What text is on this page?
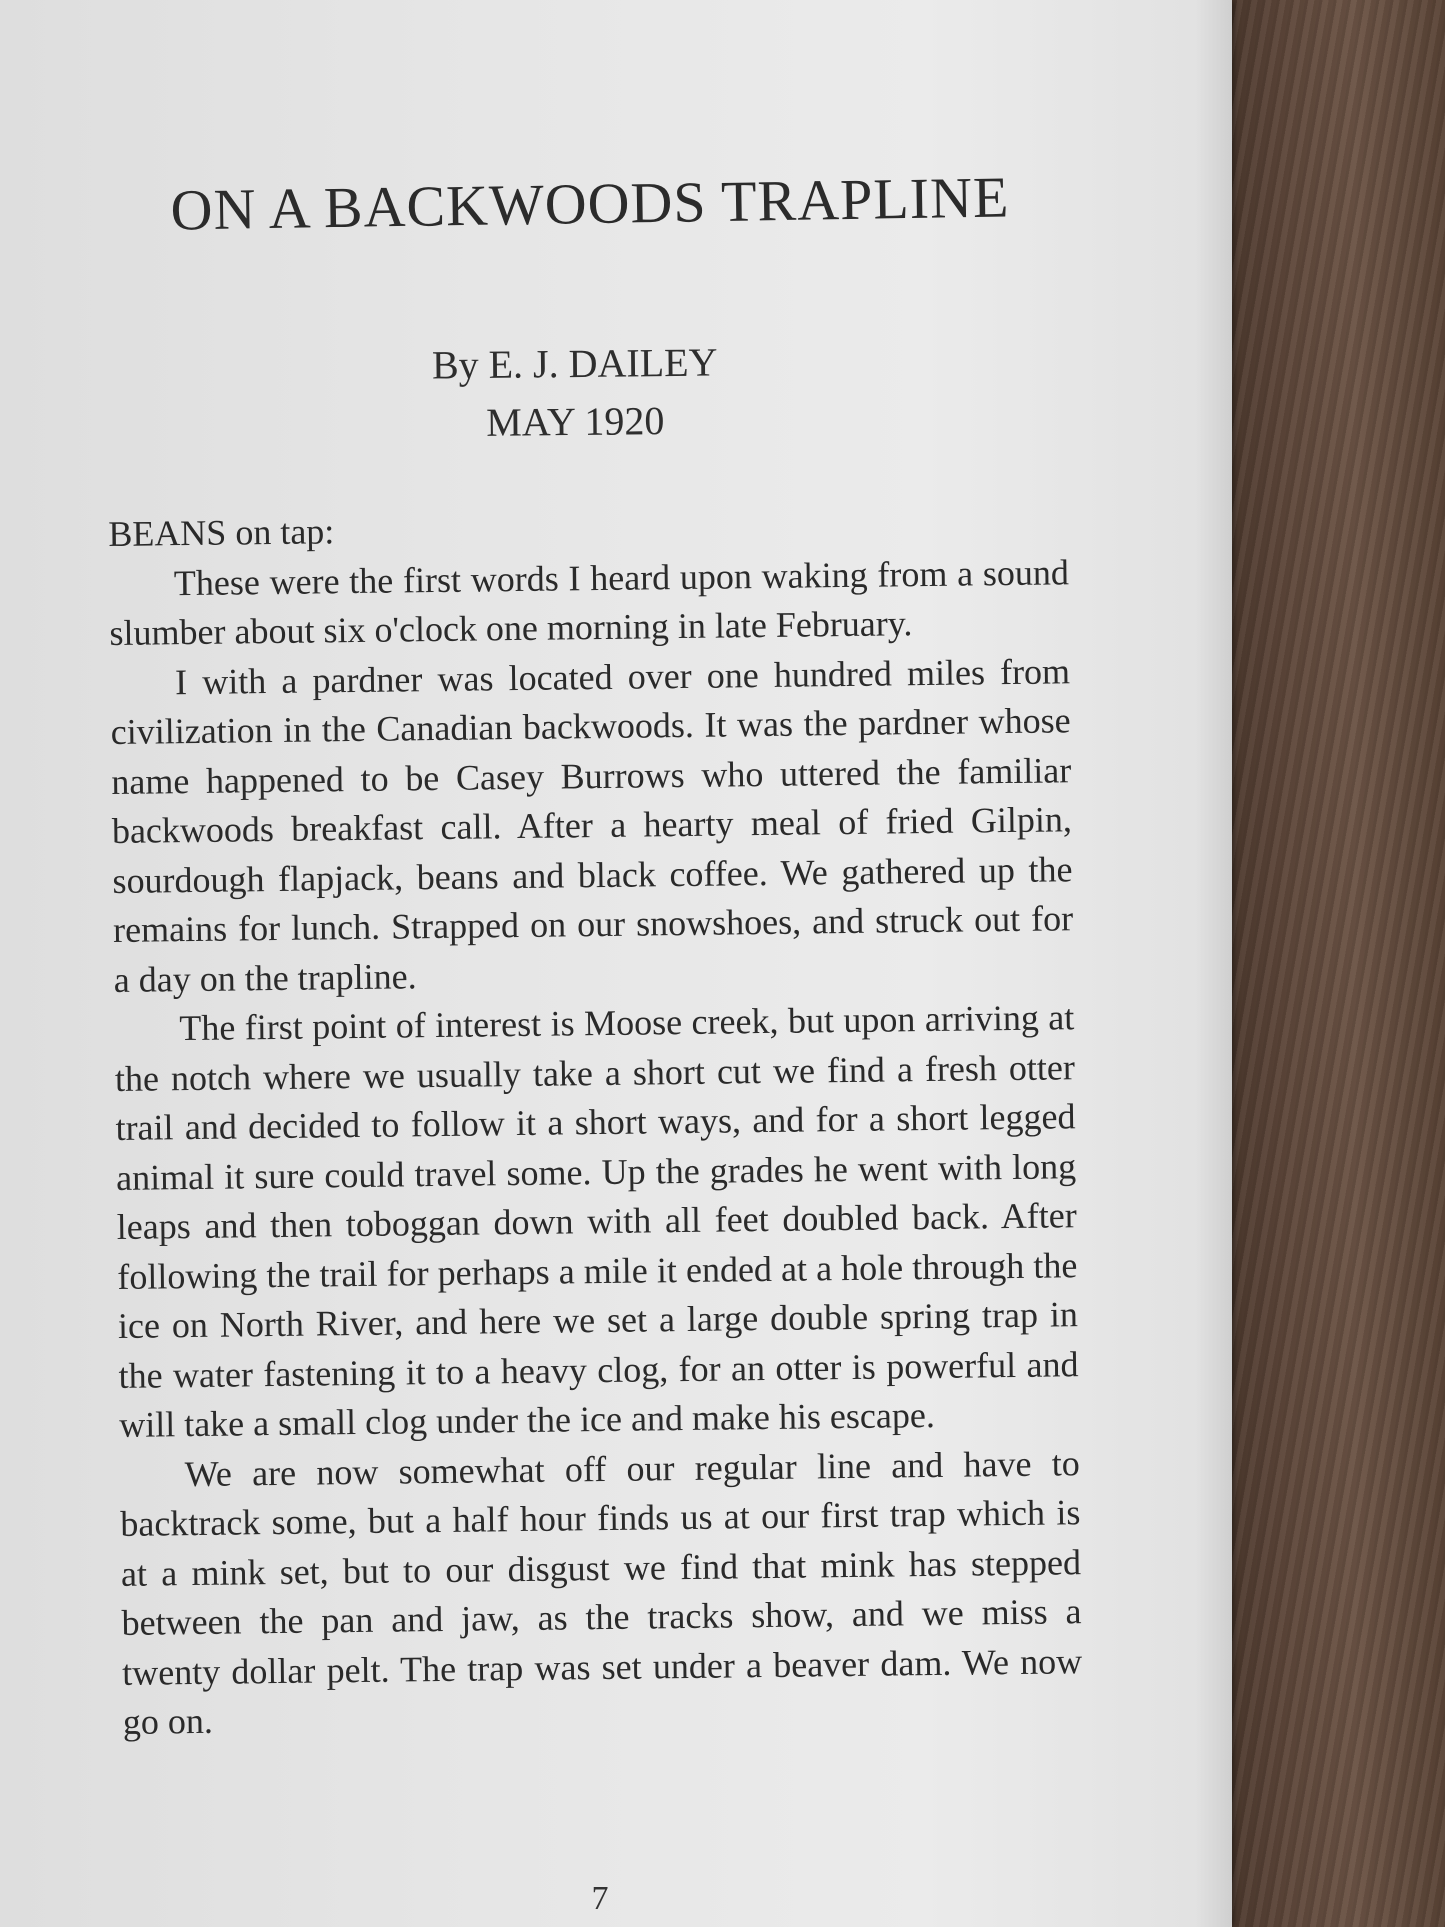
ON A BACKWOODS TRAPLINE
By E. J. DAILEY
MAY 1920

BEANS on tap:

These were the first words I heard upon waking from a sound slumber about six o'clock one morning in late February.

I with a pardner was located over one hundred miles from civilization in the Canadian backwoods. It was the pardner whose name happened to be Casey Burrows who uttered the familiar backwoods breakfast call. After a hearty meal of fried Gilpin, sourdough flapjack, beans and black coffee. We gathered up the remains for lunch. Strapped on our snowshoes, and struck out for a day on the trapline.

The first point of interest is Moose creek, but upon arriving at the notch where we usually take a short cut we find a fresh otter trail and decided to follow it a short ways, and for a short legged animal it sure could travel some. Up the grades he went with long leaps and then toboggan down with all feet doubled back. After following the trail for perhaps a mile it ended at a hole through the ice on North River, and here we set a large double spring trap in the water fastening it to a heavy clog, for an otter is powerful and will take a small clog under the ice and make his escape.

We are now somewhat off our regular line and have to backtrack some, but a half hour finds us at our first trap which is at a mink set, but to our disgust we find that mink has stepped between the pan and jaw, as the tracks show, and we miss a twenty dollar pelt. The trap was set under a beaver dam. We now go on.

7
